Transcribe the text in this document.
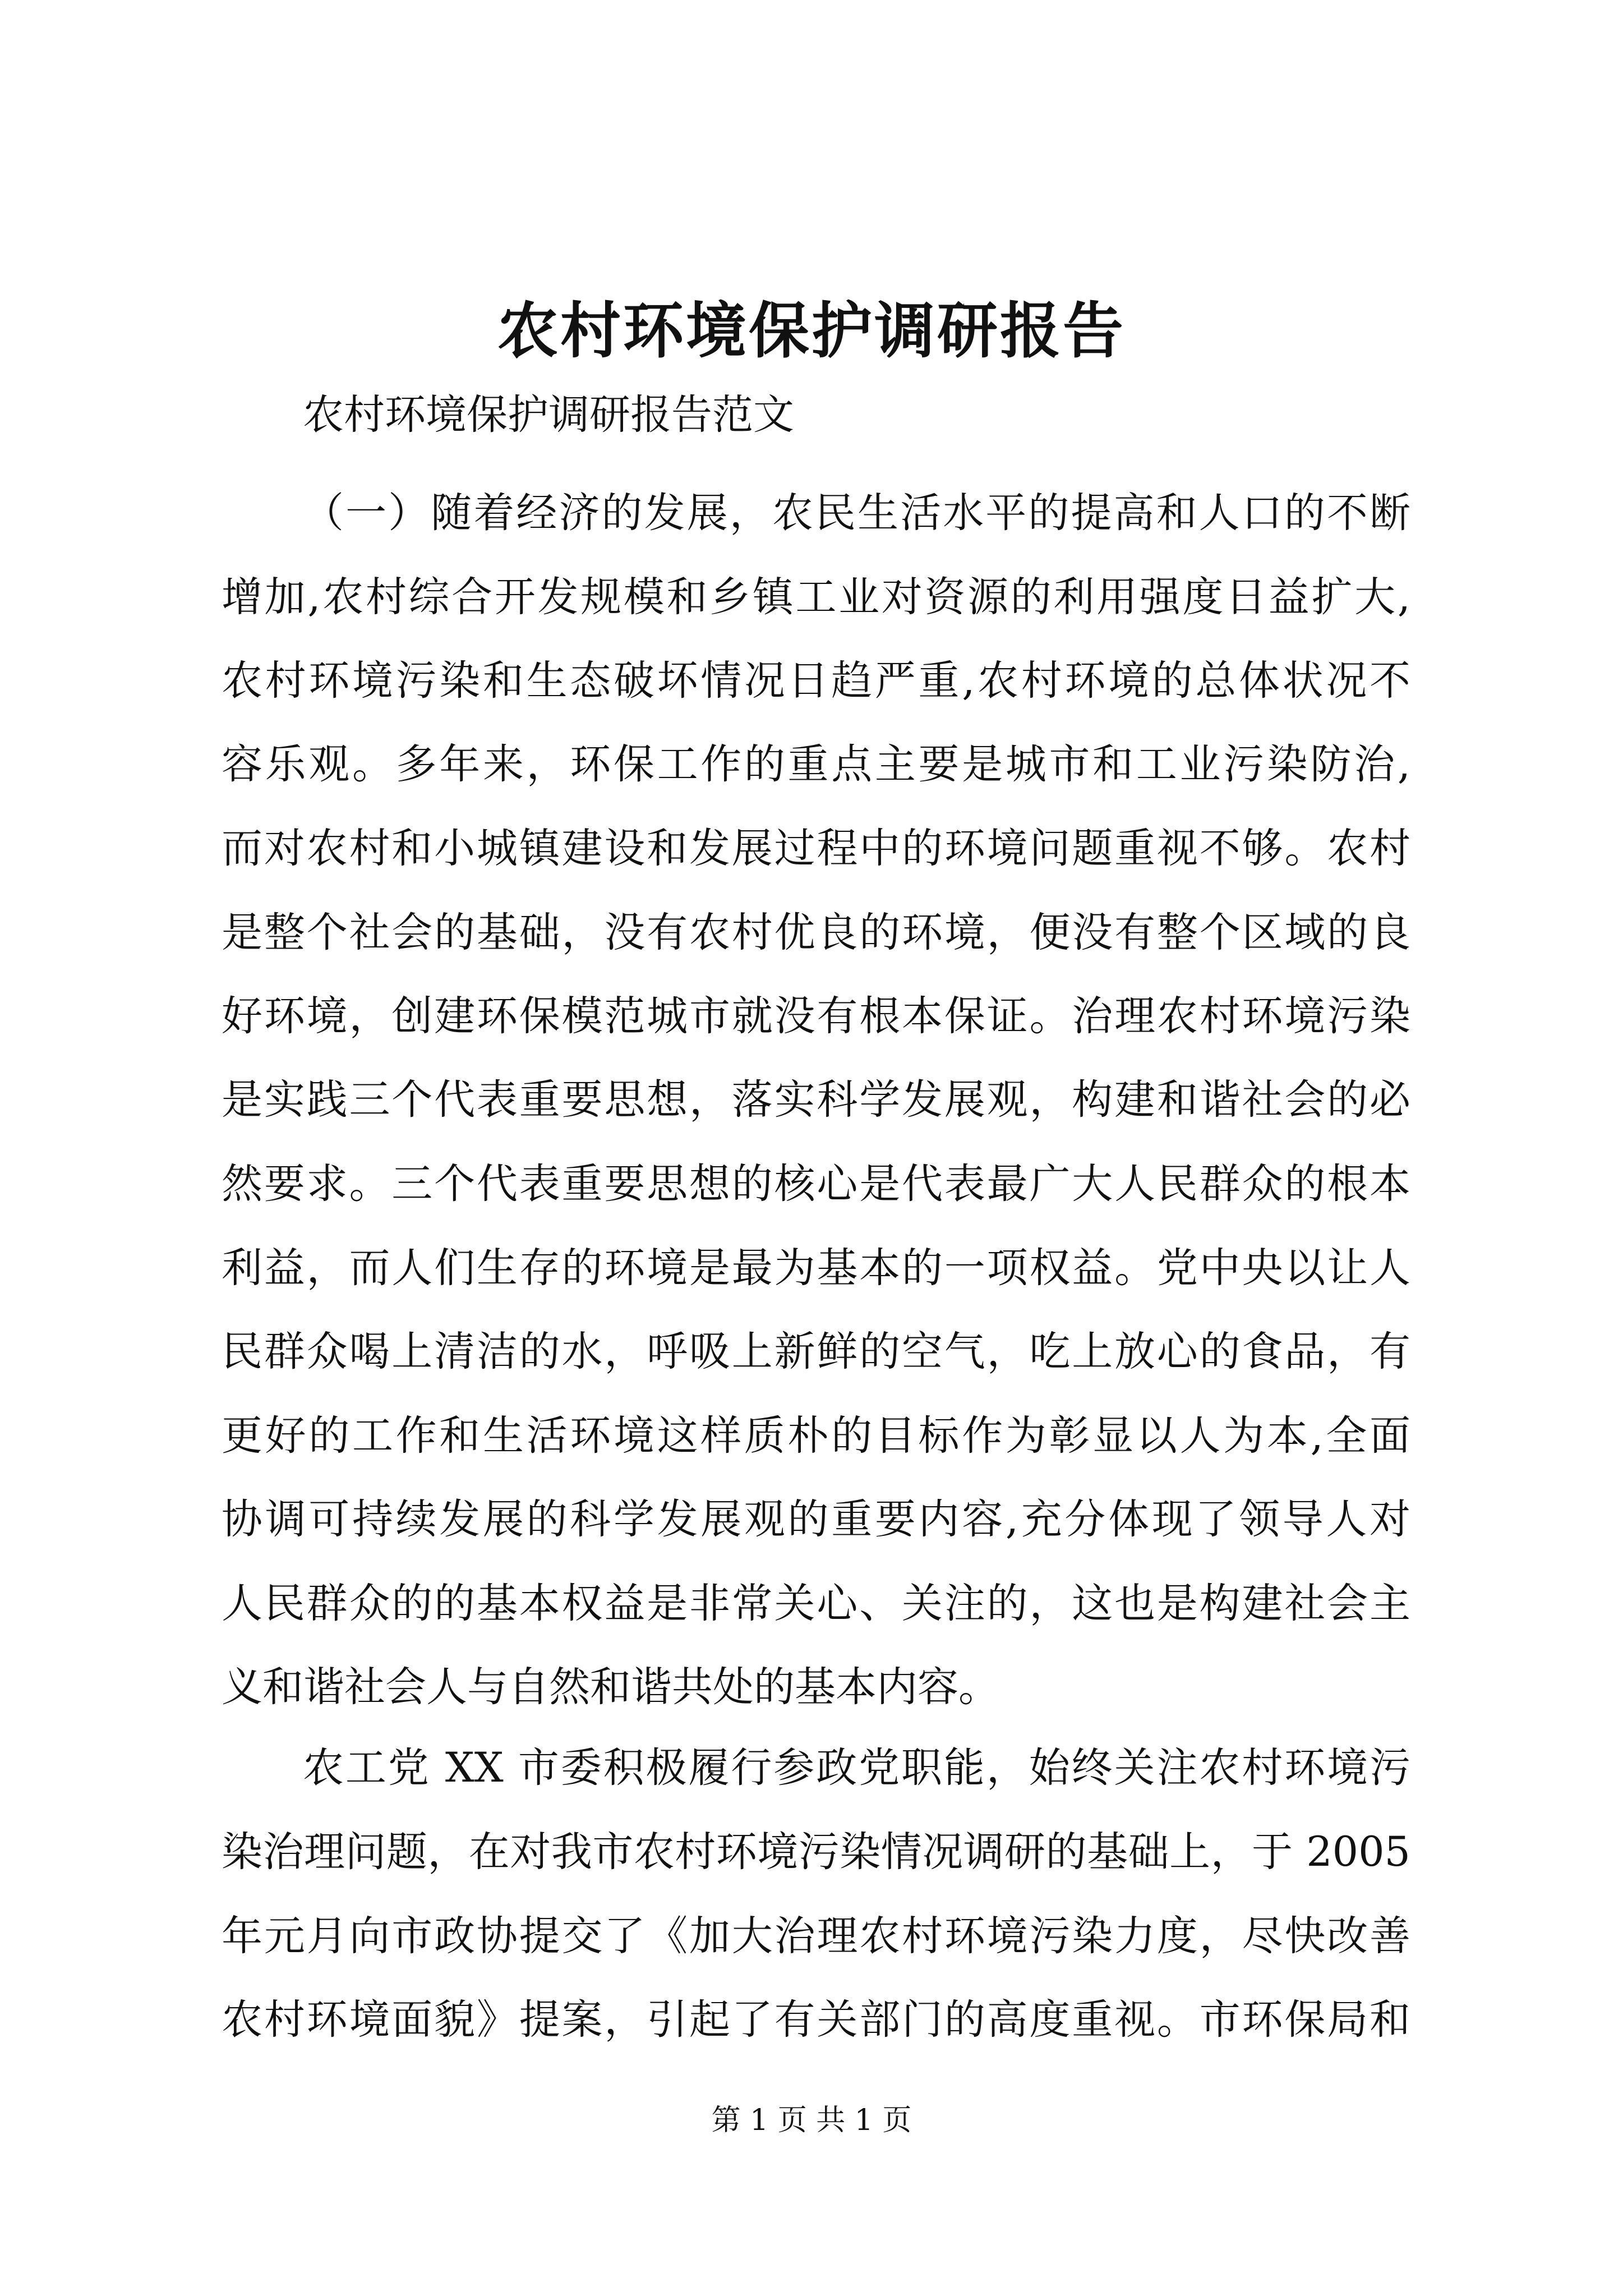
农村环境保护调研报告
农村环境保护调研报告范文
（一）随着经济的发展，农民生活水平的提高和人口的不断
增加,农村综合开发规模和乡镇工业对资源的利用强度日益扩大,
农村环境污染和生态破坏情况日趋严重,农村环境的总体状况不
容乐观。多年来，环保工作的重点主要是城市和工业污染防治,
而对农村和小城镇建设和发展过程中的环境问题重视不够。农村
是整个社会的基础，没有农村优良的环境，便没有整个区域的良
好环境，创建环保模范城市就没有根本保证。治理农村环境污染
是实践三个代表重要思想，落实科学发展观，构建和谐社会的必
然要求。三个代表重要思想的核心是代表最广大人民群众的根本
利益，而人们生存的环境是最为基本的一项权益。党中央以让人
民群众喝上清洁的水，呼吸上新鲜的空气，吃上放心的食品，有
更好的工作和生活环境这样质朴的目标作为彰显以人为本,全面
协调可持续发展的科学发展观的重要内容,充分体现了领导人对
人民群众的的基本权益是非常关心、关注的，这也是构建社会主
义和谐社会人与自然和谐共处的基本内容。
农工党 XX 市委积极履行参政党职能，始终关注农村环境污
染治理问题，在对我市农村环境污染情况调研的基础上，于 2005
年元月向市政协提交了《加大治理农村环境污染力度，尽快改善
农村环境面貌》提案，引起了有关部门的高度重视。市环保局和
第 1 页 共 1 页
